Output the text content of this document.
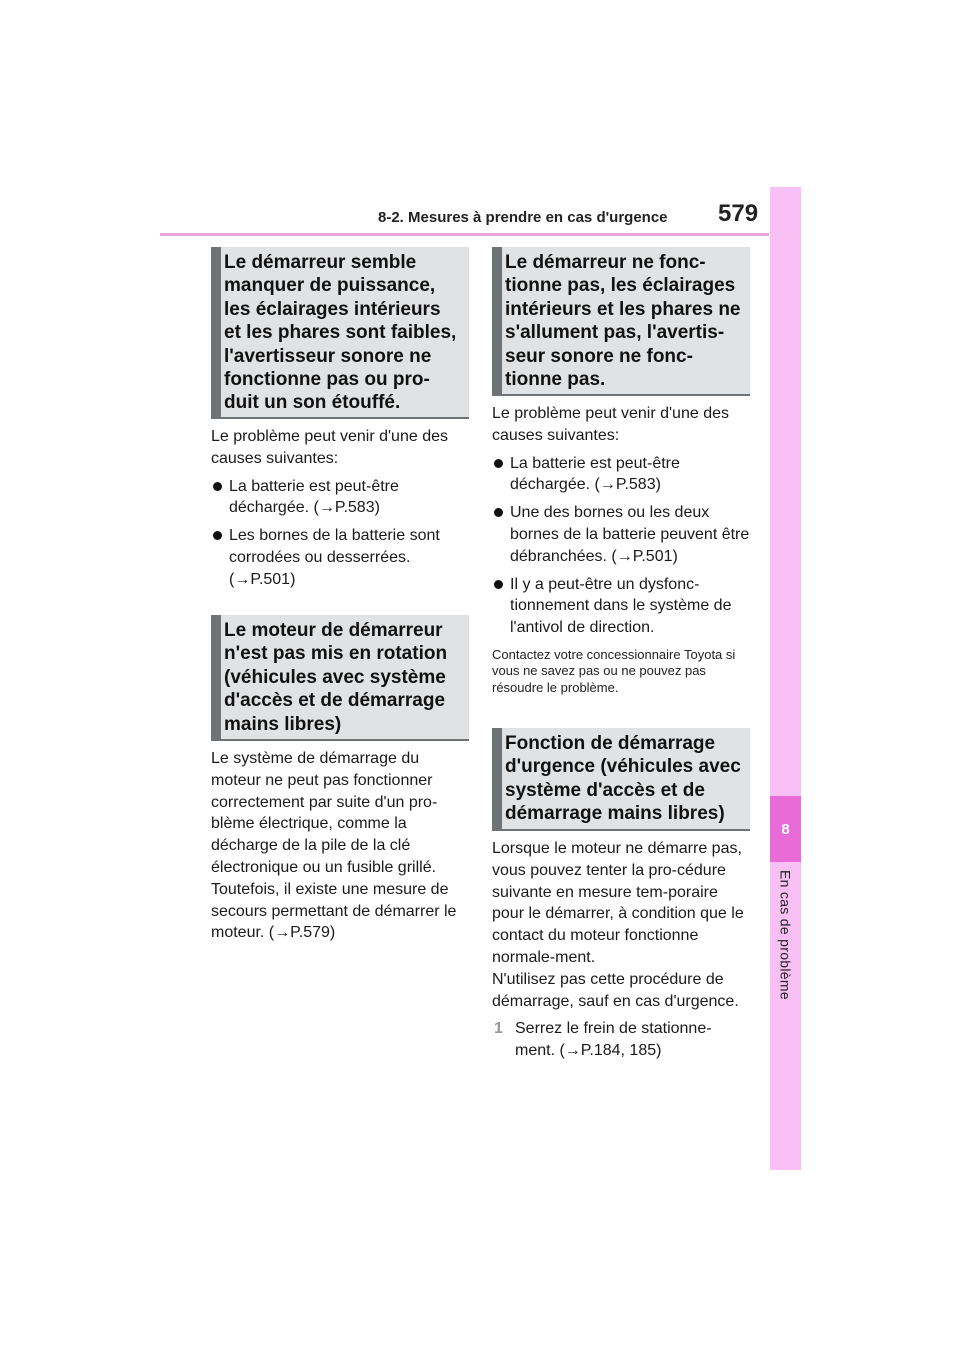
8-2. Mesures à prendre en cas d'urgence 579
8
En cas de problème
Le démarreur semble manquer de puissance, les éclairages intérieurs et les phares sont faibles, l'avertisseur sonore ne fonctionne pas ou pro-duit un son étouffé.

Le problème peut venir d'une des causes suivantes:

La batterie est peut-être déchargée. (→P.583)

Les bornes de la batterie sont corrodées ou desserrées. (→P.501)

Le moteur de démarreur n'est pas mis en rotation (véhicules avec système d'accès et de démarrage mains libres)

Le système de démarrage du moteur ne peut pas fonctionner correctement par suite d'un pro-blème électrique, comme la décharge de la pile de la clé électronique ou un fusible grillé. Toutefois, il existe une mesure de secours permettant de démarrer le moteur. (→P.579)

Le démarreur ne fonc-tionne pas, les éclairages intérieurs et les phares ne s'allument pas, l'avertis-seur sonore ne fonc-tionne pas.

Le problème peut venir d'une des causes suivantes:

La batterie est peut-être déchargée. (→P.583)

Une des bornes ou les deux bornes de la batterie peuvent être débranchées. (→P.501)

Il y a peut-être un dysfonc-tionnement dans le système de l'antivol de direction.

Contactez votre concessionnaire Toyota si vous ne savez pas ou ne pouvez pas résoudre le problème.

Fonction de démarrage d'urgence (véhicules avec système d'accès et de démarrage mains libres)

Lorsque le moteur ne démarre pas, vous pouvez tenter la pro-cédure suivante en mesure tem-poraire pour le démarrer, à condition que le contact du moteur fonctionne normale-ment.

N'utilisez pas cette procédure de démarrage, sauf en cas d'urgence.

1 Serrez le frein de stationne-ment. (→P.184, 185)
